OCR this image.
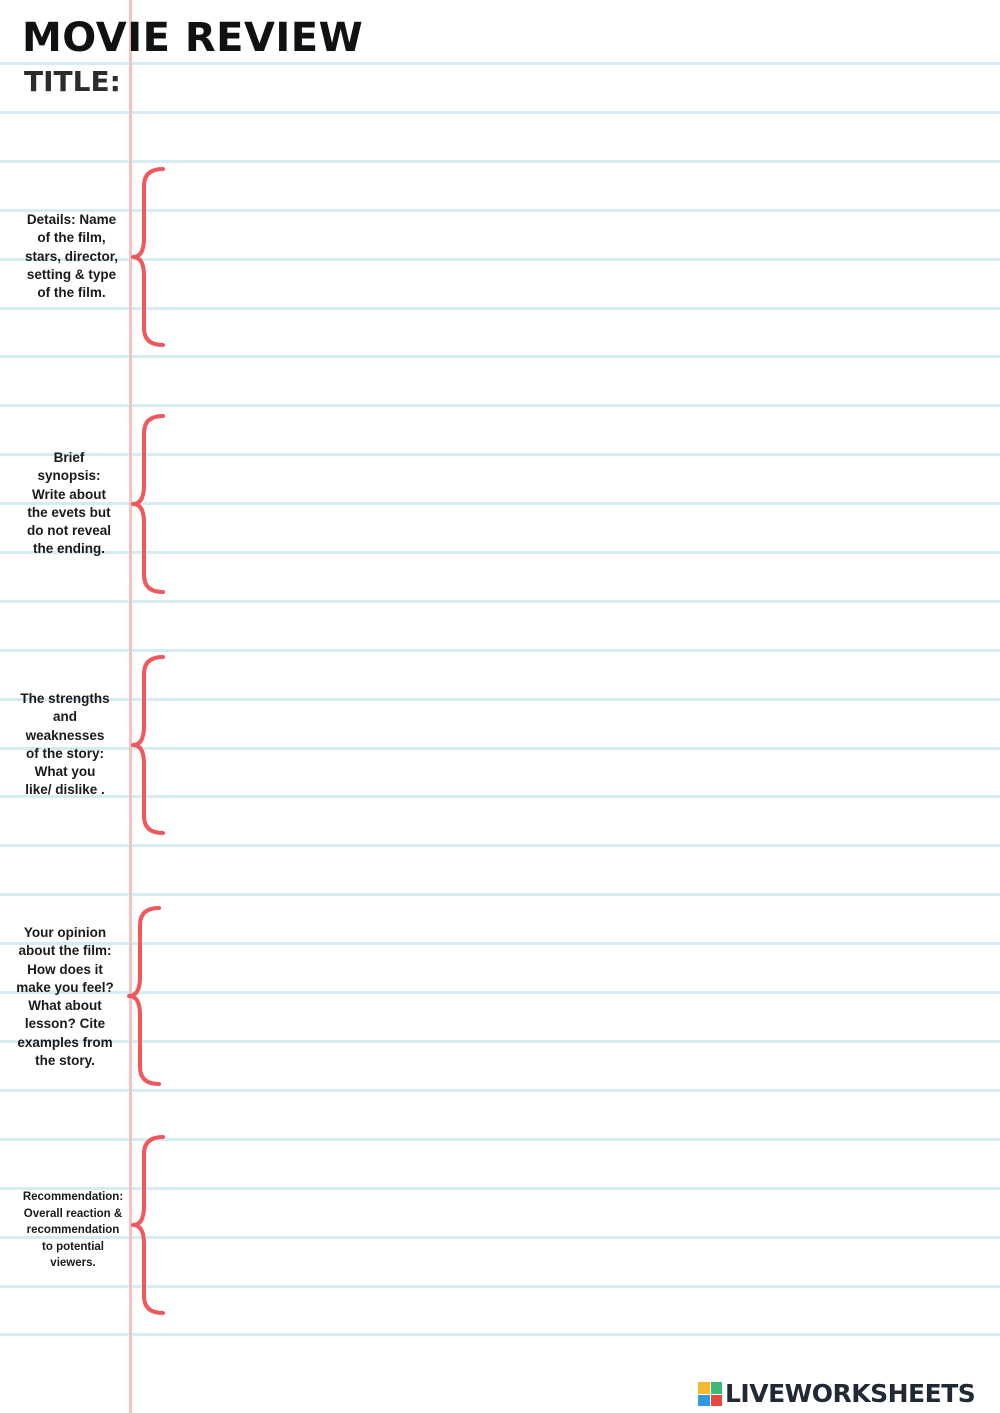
MOVIE REVIEW
TITLE:
Details: Name
of the film,
stars, director,
setting & type
of the film.
Brief
synopsis:
Write about
the evets but
do not reveal
the ending.
The strengths
and
weaknesses
of the story:
What you
like/ dislike .
Your opinion
about the film:
How does it
make you feel?
What about
lesson? Cite
examples from
the story.
Recommendation:
Overall reaction &
recommendation
to potential
viewers.
LIVEWORKSHEETS
